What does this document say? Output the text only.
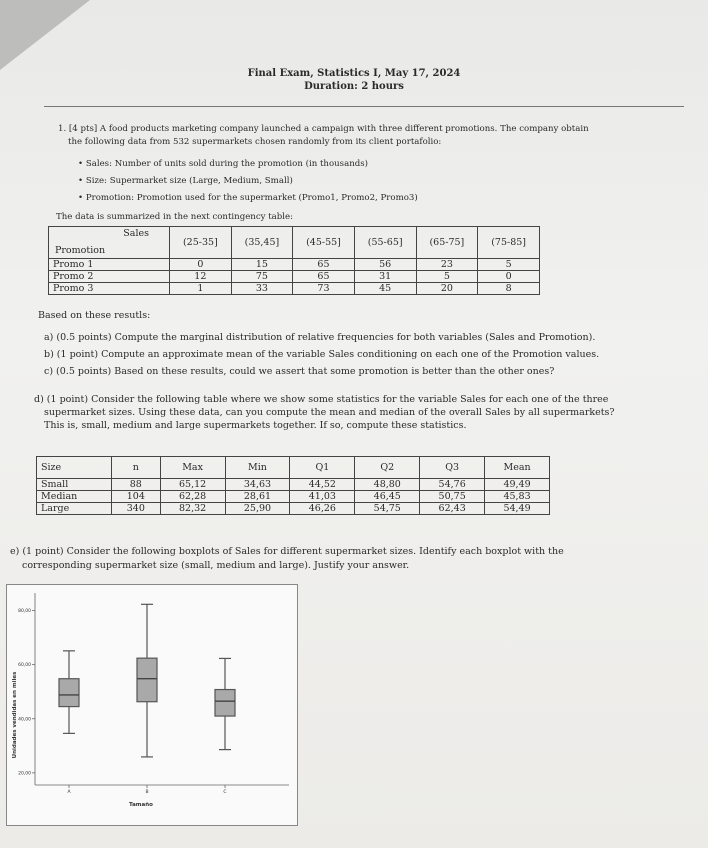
Final Exam, Statistics I, May 17, 2024
Duration: 2 hours
1. [4 pts] A food products marketing company launched a campaign with three different promotions. The company obtain
the following data from 532 supermarkets chosen randomly from its client portafolio:
• Sales: Number of units sold during the promotion (in thousands)
• Size: Supermarket size (Large, Medium, Small)
• Promotion: Promotion used for the supermarket (Promo1, Promo2, Promo3)
The data is summarized in the next contingency table:
Sales
Promotion	(25-35]	(35,45]	(45-55]	(55-65]	(65-75]	(75-85]
Promo 1	0	15	65	56	23	5
Promo 2	12	75	65	31	5	0
Promo 3	1	33	73	45	20	8
Based on these resutls:
a) (0.5 points) Compute the marginal distribution of relative frequencies for both variables (Sales and Promotion).
b) (1 point) Compute an approximate mean of the variable Sales conditioning on each one of the Promotion values.
c) (0.5 points) Based on these results, could we assert that some promotion is better than the other ones?
d) (1 point) Consider the following table where we show some statistics for the variable Sales for each one of the three
supermarket sizes. Using these data, can you compute the mean and median of the overall Sales by all supermarkets?
This is, small, medium and large supermarkets together. If so, compute these statistics.
Size	n	Max	Min	Q1	Q2	Q3	Mean
Small	88	65,12	34,63	44,52	48,80	54,76	49,49
Median	104	62,28	28,61	41,03	46,45	50,75	45,83
Large	340	82,32	25,90	46,26	54,75	62,43	54,49
e) (1 point) Consider the following boxplots of Sales for different supermarket sizes. Identify each boxplot with the
corresponding supermarket size (small, medium and large). Justify your answer.
20,00
40,00
60,00
80,00
A	B	C
Unidades vendidas en miles
Tamaño
